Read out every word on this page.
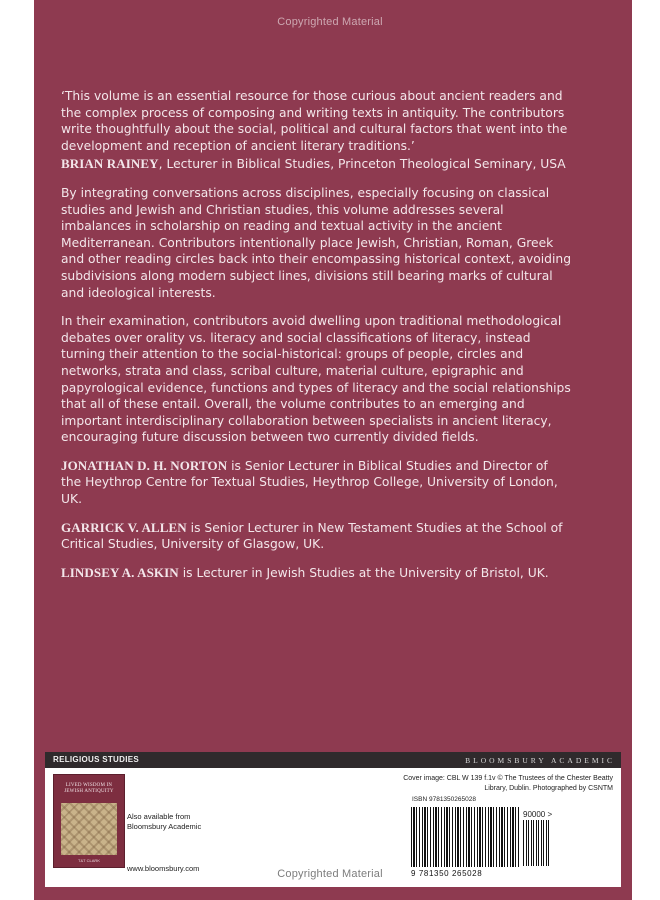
Copyrighted Material

‘This volume is an essential resource for those curious about ancient readers and the complex process of composing and writing texts in antiquity. The contributors write thoughtfully about the social, political and cultural factors that went into the development and reception of ancient literary traditions.’

BRIAN RAINEY, Lecturer in Biblical Studies, Princeton Theological Seminary, USA

By integrating conversations across disciplines, especially focusing on classical studies and Jewish and Christian studies, this volume addresses several imbalances in scholarship on reading and textual activity in the ancient Mediterranean. Contributors intentionally place Jewish, Christian, Roman, Greek and other reading circles back into their encompassing historical context, avoiding subdivisions along modern subject lines, divisions still bearing marks of cultural and ideological interests.

In their examination, contributors avoid dwelling upon traditional methodological debates over orality vs. literacy and social classifications of literacy, instead turning their attention to the social-historical: groups of people, circles and networks, strata and class, scribal culture, material culture, epigraphic and papyrological evidence, functions and types of literacy and the social relationships that all of these entail. Overall, the volume contributes to an emerging and important interdisciplinary collaboration between specialists in ancient literacy, encouraging future discussion between two currently divided fields.

JONATHAN D. H. NORTON is Senior Lecturer in Biblical Studies and Director of the Heythrop Centre for Textual Studies, Heythrop College, University of London, UK.

GARRICK V. ALLEN is Senior Lecturer in New Testament Studies at the School of Critical Studies, University of Glasgow, UK.

LINDSEY A. ASKIN is Lecturer in Jewish Studies at the University of Bristol, UK.

RELIGIOUS STUDIES	BLOOMSBURY ACADEMIC
LIVED WISDOM IN JEWISH ANTIQUITY
T&T CLARK

Also available from

Bloomsbury Academic

www.bloomsbury.com
Cover image: CBL W 139 f.1v © The Trustees of the Chester Beatty
Library, Dublin. Photographed by CSNTM
ISBN 9781350265028
90000 >
9 781350 265028
Copyrighted Material
